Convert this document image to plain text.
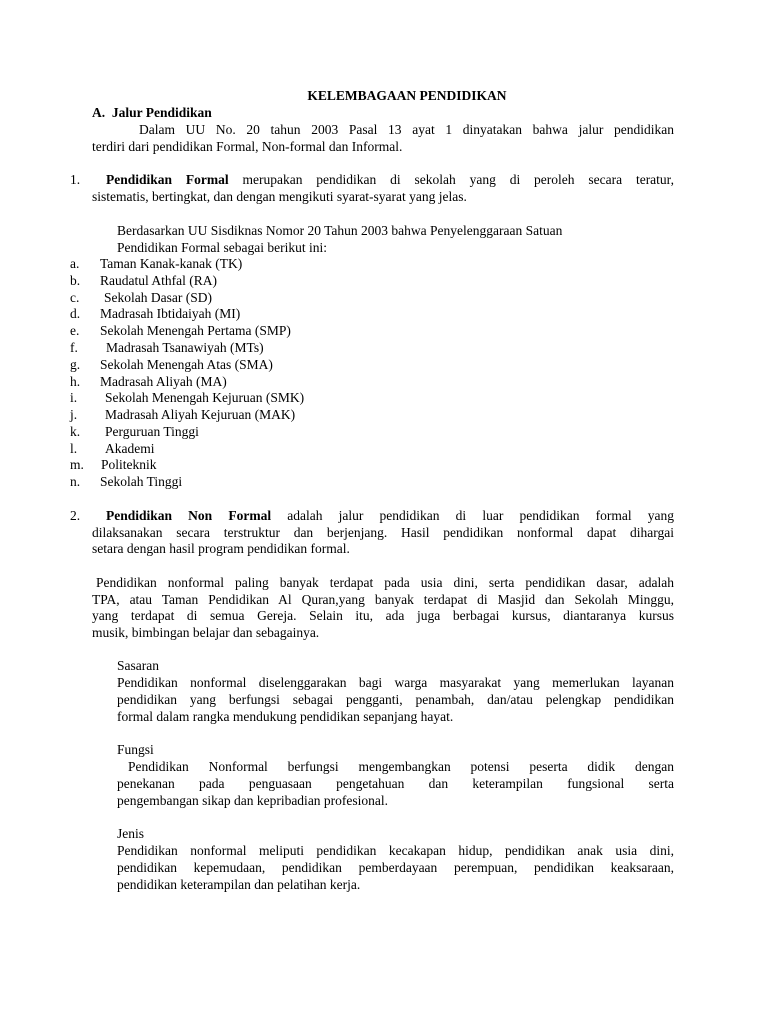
KELEMBAGAAN PENDIDIKAN
A. Jalur Pendidikan
Dalam UU No. 20 tahun 2003 Pasal 13 ayat 1 dinyatakan bahwa jalur pendidikan
terdiri dari pendidikan Formal, Non-formal dan Informal.
1. Pendidikan Formal merupakan pendidikan di sekolah yang di peroleh secara teratur,
sistematis, bertingkat, dan dengan mengikuti syarat-syarat yang jelas.
Berdasarkan UU Sisdiknas Nomor 20 Tahun 2003 bahwa Penyelenggaraan Satuan
Pendidikan Formal sebagai berikut ini:
a. Taman Kanak-kanak (TK)
b. Raudatul Athfal (RA)
c. Sekolah Dasar (SD)
d. Madrasah Ibtidaiyah (MI)
e. Sekolah Menengah Pertama (SMP)
f. Madrasah Tsanawiyah (MTs)
g. Sekolah Menengah Atas (SMA)
h. Madrasah Aliyah (MA)
i. Sekolah Menengah Kejuruan (SMK)
j. Madrasah Aliyah Kejuruan (MAK)
k. Perguruan Tinggi
l. Akademi
m. Politeknik
n. Sekolah Tinggi
2. Pendidikan Non Formal adalah jalur pendidikan di luar pendidikan formal yang
dilaksanakan secara terstruktur dan berjenjang. Hasil pendidikan nonformal dapat dihargai
setara dengan hasil program pendidikan formal.
Pendidikan nonformal paling banyak terdapat pada usia dini, serta pendidikan dasar, adalah
TPA, atau Taman Pendidikan Al Quran,yang banyak terdapat di Masjid dan Sekolah Minggu,
yang terdapat di semua Gereja. Selain itu, ada juga berbagai kursus, diantaranya kursus
musik, bimbingan belajar dan sebagainya.
Sasaran
Pendidikan nonformal diselenggarakan bagi warga masyarakat yang memerlukan layanan
pendidikan yang berfungsi sebagai pengganti, penambah, dan/atau pelengkap pendidikan
formal dalam rangka mendukung pendidikan sepanjang hayat.
Fungsi
Pendidikan Nonformal berfungsi mengembangkan potensi peserta didik dengan
penekanan pada penguasaan pengetahuan dan keterampilan fungsional serta
pengembangan sikap dan kepribadian profesional.
Jenis
Pendidikan nonformal meliputi pendidikan kecakapan hidup, pendidikan anak usia dini,
pendidikan kepemudaan, pendidikan pemberdayaan perempuan, pendidikan keaksaraan,
pendidikan keterampilan dan pelatihan kerja.
